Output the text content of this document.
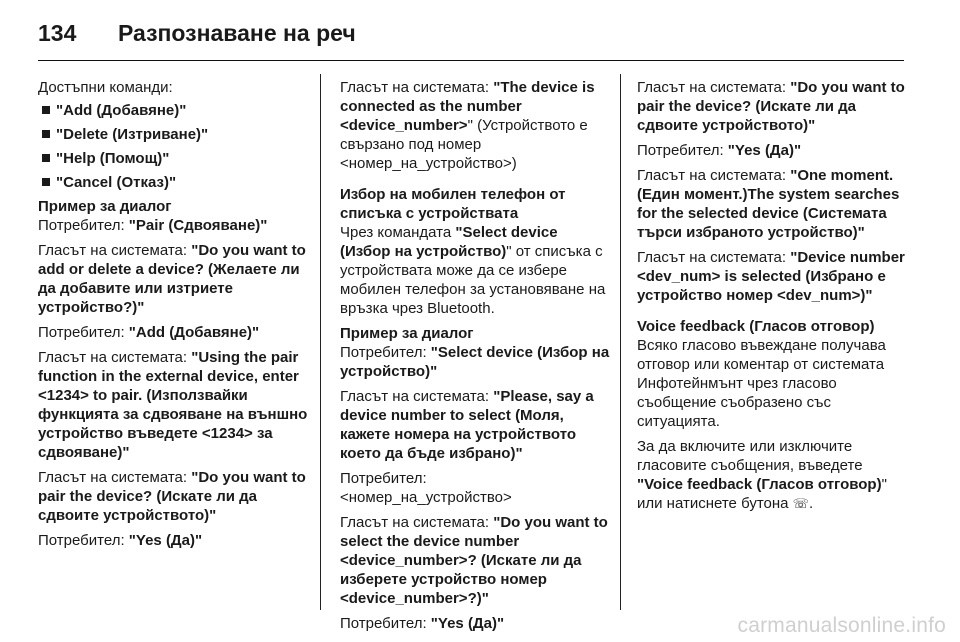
134	Разпознаване на реч

Достъпни команди:

"Add (Добавяне)"
"Delete (Изтриване)"
"Help (Помощ)"
"Cancel (Отказ)"
Пример за диалог

Потребител: "Pair (Сдвояване)"

Гласът на системата: "Do you want to add or delete a device? (Желаете ли да добавите или изтриете устройство?)"

Потребител: "Add (Добавяне)"

Гласът на системата: "Using the pair function in the external device, enter <1234> to pair. (Използвайки функцията за сдвояване на външно устройство въведете <1234> за сдвояване)"

Гласът на системата: "Do you want to pair the device? (Искате ли да сдвоите устройството)"

Потребител: "Yes (Да)"

Гласът на системата: "The device is connected as the number <device_number>" (Устройството е свързано под номер <номер_на_устройство>)

Избор на мобилен телефон от списъка с устройствата

Чрез командата "Select device (Избор на устройство)" от списъка с устройствата може да се избере мобилен телефон за установяване на връзка чрез Bluetooth.

Пример за диалог

Потребител: "Select device (Избор на устройство)"

Гласът на системата: "Please, say a device number to select (Моля, кажете номера на устройството което да бъде избрано)"

Потребител:
<номер_на_устройство>

Гласът на системата: "Do you want to select the device number <device_number>? (Искате ли да изберете устройство номер <device_number>?)"

Потребител: "Yes (Да)"

Гласът на системата: "Do you want to pair the device? (Искате ли да сдвоите устройството)"

Потребител: "Yes (Да)"

Гласът на системата: "One moment. (Един момент.)The system searches for the selected device (Системата търси избраното устройство)"

Гласът на системата: "Device number <dev_num> is selected (Избрано е устройство номер <dev_num>)"

Voice feedback (Гласов отговор)

Всяко гласово въвеждане получава отговор или коментар от системата Инфотейнмънт чрез гласово съобщение съобразено със ситуацията.

За да включите или изключите гласовите съобщения, въведете "Voice feedback (Гласов отговор)" или натиснете бутона ☏.

carmanualsonline.info
